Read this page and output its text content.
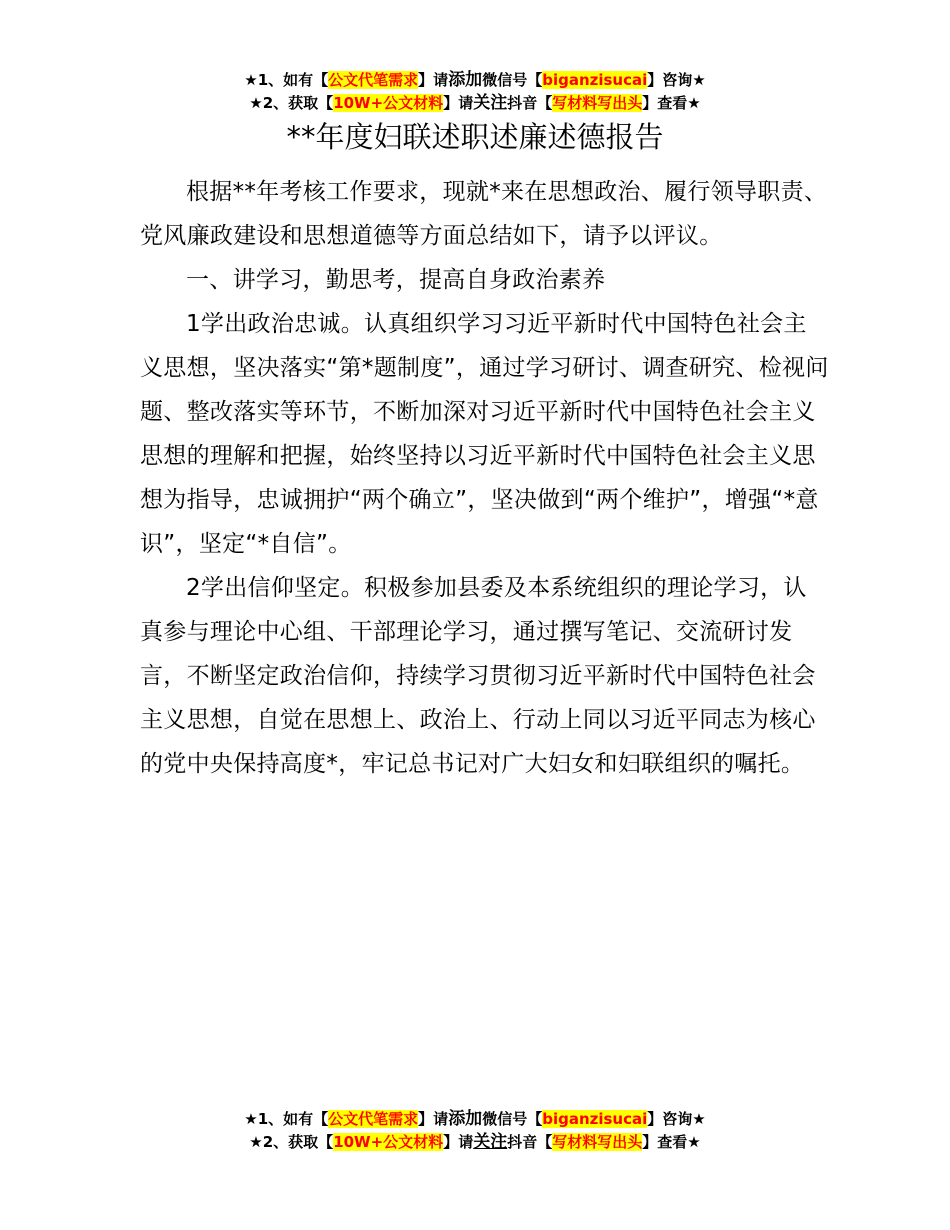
★1、如有【公文代笔需求】请添加微信号【biganzisucai】咨询★
★2、获取【10W+公文材料】请关注抖音【写材料写出头】查看★
**年度妇联述职述廉述德报告

根据**年考核工作要求，现就*来在思想政治、履行领导职责、党风廉政建设和思想道德等方面总结如下，请予以评议。

一、讲学习，勤思考，提高自身政治素养

1学出政治忠诚。认真组织学习习近平新时代中国特色社会主义思想，坚决落实“第*题制度”，通过学习研讨、调查研究、检视问题、整改落实等环节，不断加深对习近平新时代中国特色社会主义思想的理解和把握，始终坚持以习近平新时代中国特色社会主义思想为指导，忠诚拥护“两个确立”，坚决做到“两个维护”，增强“*意识”，坚定“*自信”。

2学出信仰坚定。积极参加县委及本系统组织的理论学习，认真参与理论中心组、干部理论学习，通过撰写笔记、交流研讨发言，不断坚定政治信仰，持续学习贯彻习近平新时代中国特色社会主义思想，自觉在思想上、政治上、行动上同以习近平同志为核心的党中央保持高度*，牢记总书记对广大妇女和妇联组织的嘱托。

★1、如有【公文代笔需求】请添加微信号【biganzisucai】咨询★
★2、获取【10W+公文材料】请关注抖音【写材料写出头】查看★
